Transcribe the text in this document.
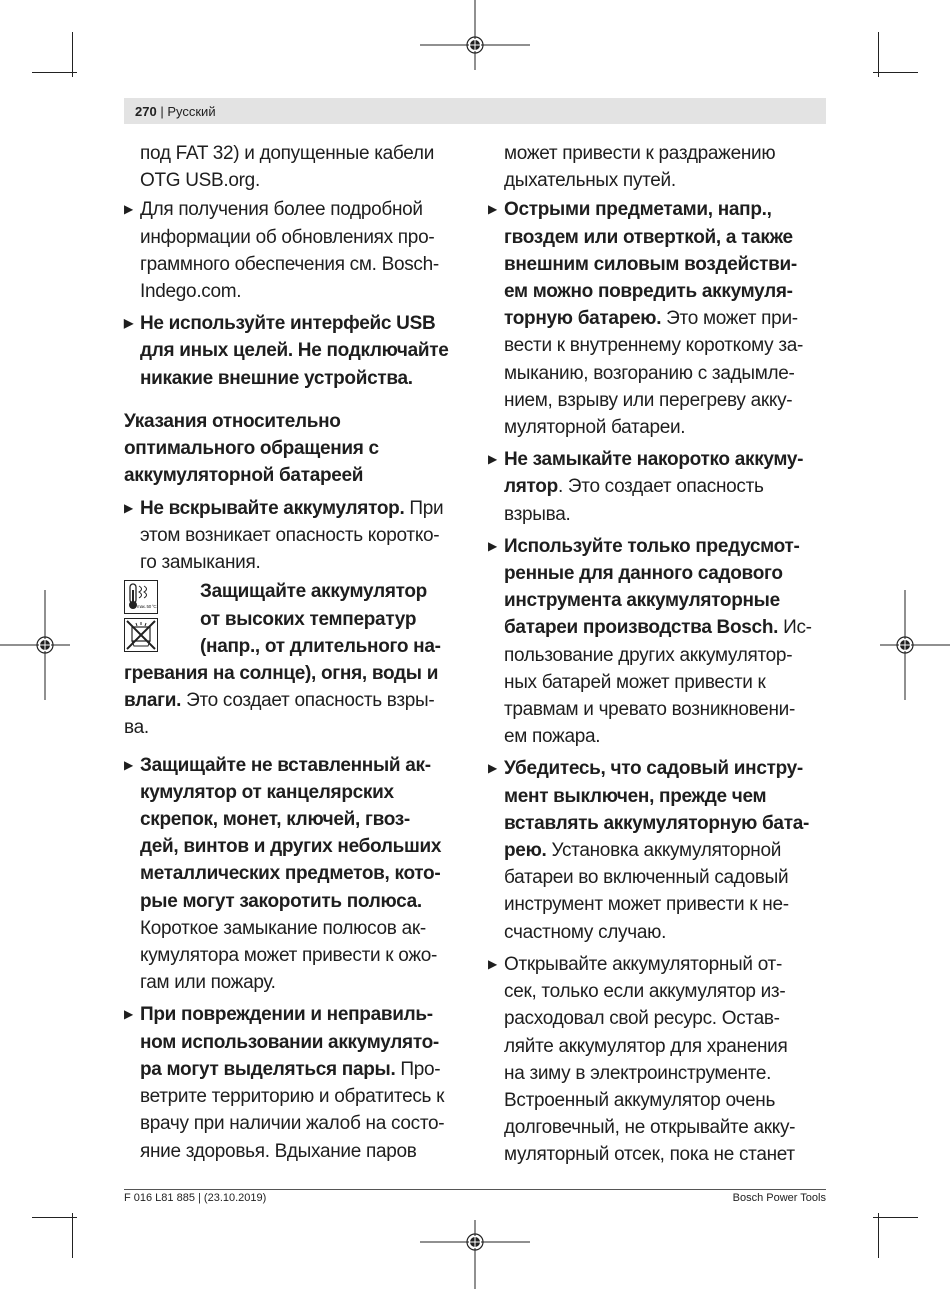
270 | Русский

под FAT 32) и допущенные кабели

OTG USB.org.

▶ Для получения более подробной

информации об обновлениях про-

граммного обеспечения см. Bosch-

Indego.com.

▶ Не используйте интерфейс USB

для иных целей. Не подключайте

никакие внешние устройства.

Указания относительно
оптимального обращения с
аккумуляторной батареей
▶ Не вскрывайте аккумулятор. При

этом возникает опасность коротко-

го замыкания.

Защищайте аккумулятор

от высоких температур

(напр., от длительного на-

гревания на солнце), огня, воды и

влаги. Это создает опасность взры-

ва.

max. 50 °C
▶ Защищайте не вставленный ак-

кумулятор от канцелярских

скрепок, монет, ключей, гвоз-

дей, винтов и других небольших

металлических предметов, кото-

рые могут закоротить полюса.

Короткое замыкание полюсов ак-

кумулятора может привести к ожо-

гам или пожару.

▶ При повреждении и неправиль-

ном использовании аккумулято-

ра могут выделяться пары. Про-

ветрите территорию и обратитесь к

врачу при наличии жалоб на состо-

яние здоровья. Вдыхание паров

может привести к раздражению

дыхательных путей.

▶ Острыми предметами, напр.,

гвоздем или отверткой, а также

внешним силовым воздействи-

ем можно повредить аккумуля-

торную батарею. Это может при-

вести к внутреннему короткому за-

мыканию, возгоранию с задымле-

нием, взрыву или перегреву акку-

муляторной батареи.

▶ Не замыкайте накоротко аккуму-

лятор. Это создает опасность

взрыва.

▶ Используйте только предусмот-

ренные для данного садового

инструмента аккумуляторные

батареи производства Bosch. Ис-

пользование других аккумулятор-

ных батарей может привести к

травмам и чревато возникновени-

ем пожара.

▶ Убедитесь, что садовый инстру-

мент выключен, прежде чем

вставлять аккумуляторную бата-

рею. Установка аккумуляторной

батареи во включенный садовый

инструмент может привести к не-

счастному случаю.

▶ Открывайте аккумуляторный от-

сек, только если аккумулятор из-

расходовал свой ресурс. Остав-

ляйте аккумулятор для хранения

на зиму в электроинструменте.

Встроенный аккумулятор очень

долговечный, не открывайте акку-

муляторный отсек, пока не станет

F 016 L81 885 | (23.10.2019)	Bosch Power Tools
